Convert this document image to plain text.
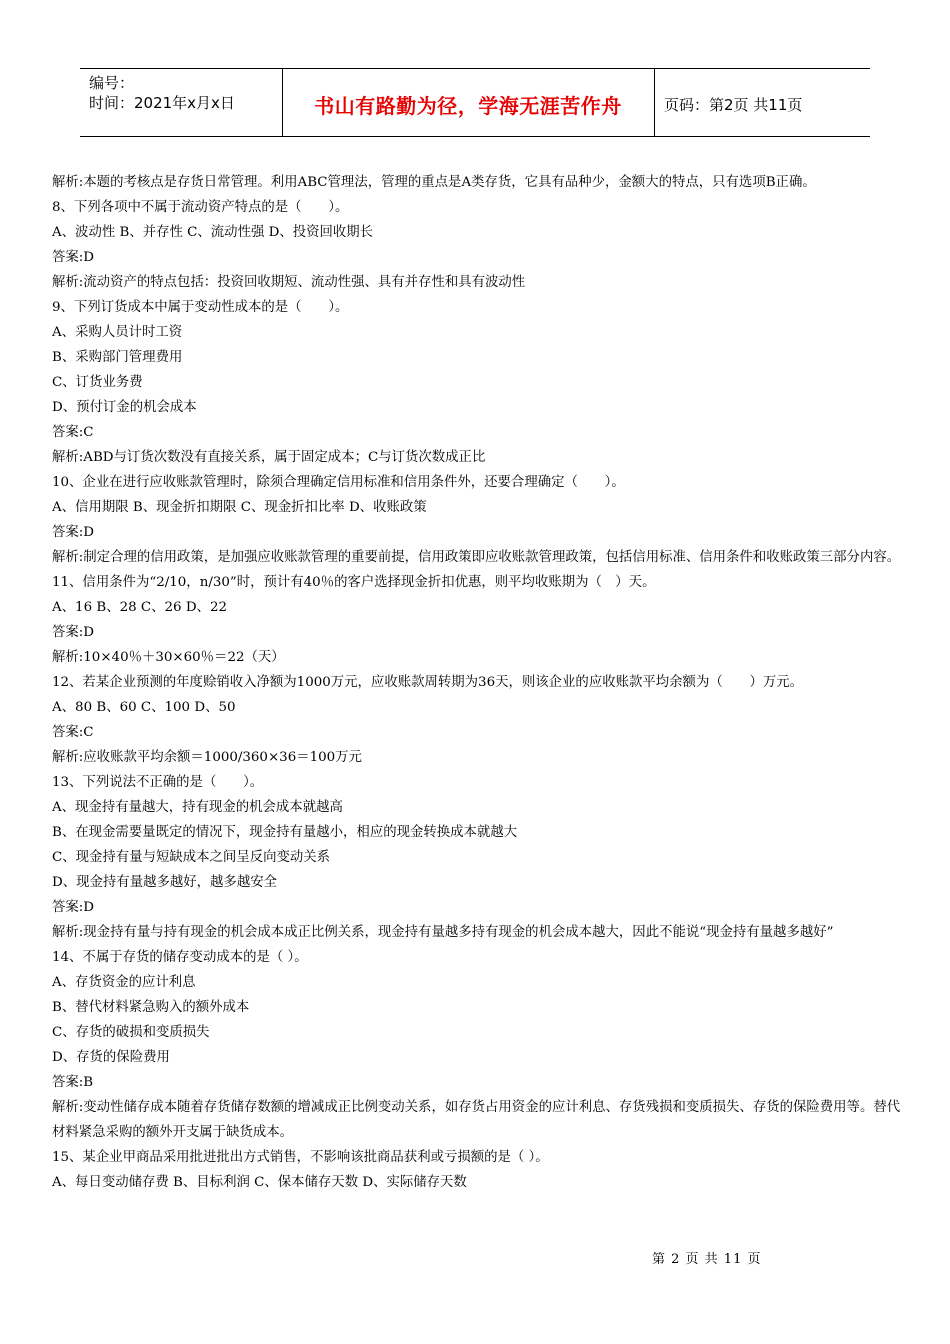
编号：
时间：2021年x月x日	书山有路勤为径，学海无涯苦作舟	页码：第2页 共11页
解析:本题的考核点是存货日常管理。利用ABC管理法，管理的重点是A类存货，它具有品种少，金额大的特点，只有选项B正确。
8、下列各项中不属于流动资产特点的是（　　）。
A、波动性 B、并存性 C、流动性强 D、投资回收期长
答案:D
解析:流动资产的特点包括：投资回收期短、流动性强、具有并存性和具有波动性
9、下列订货成本中属于变动性成本的是（　　）。
A、采购人员计时工资
B、采购部门管理费用
C、订货业务费
D、预付订金的机会成本
答案:C
解析:ABD与订货次数没有直接关系，属于固定成本；C与订货次数成正比
10、企业在进行应收账款管理时，除须合理确定信用标准和信用条件外，还要合理确定（　　）。
A、信用期限 B、现金折扣期限 C、现金折扣比率 D、收账政策
答案:D
解析:制定合理的信用政策，是加强应收账款管理的重要前提，信用政策即应收账款管理政策，包括信用标准、信用条件和收账政策三部分内容。
11、信用条件为“2/10，n/30”时，预计有40％的客户选择现金折扣优惠，则平均收账期为（　）天。
A、16 B、28 C、26 D、22
答案:D
解析:10×40％＋30×60％＝22（天）
12、若某企业预测的年度赊销收入净额为1000万元，应收账款周转期为36天，则该企业的应收账款平均余额为（　　）万元。
A、80 B、60 C、100 D、50
答案:C
解析:应收账款平均余额＝1000/360×36＝100万元
13、下列说法不正确的是（　　）。
A、现金持有量越大，持有现金的机会成本就越高
B、在现金需要量既定的情况下，现金持有量越小，相应的现金转换成本就越大
C、现金持有量与短缺成本之间呈反向变动关系
D、现金持有量越多越好，越多越安全
答案:D
解析:现金持有量与持有现金的机会成本成正比例关系，现金持有量越多持有现金的机会成本越大，因此不能说“现金持有量越多越好”
14、不属于存货的储存变动成本的是（ ）。
A、存货资金的应计利息
B、替代材料紧急购入的额外成本
C、存货的破损和变质损失
D、存货的保险费用
答案:B
解析:变动性储存成本随着存货储存数额的增减成正比例变动关系，如存货占用资金的应计利息、存货残损和变质损失、存货的保险费用等。替代材料紧急采购的额外开支属于缺货成本。
15、某企业甲商品采用批进批出方式销售，不影响该批商品获利或亏损额的是（ ）。
A、每日变动储存费 B、目标利润 C、保本储存天数 D、实际储存天数
第 2 页 共 11 页
